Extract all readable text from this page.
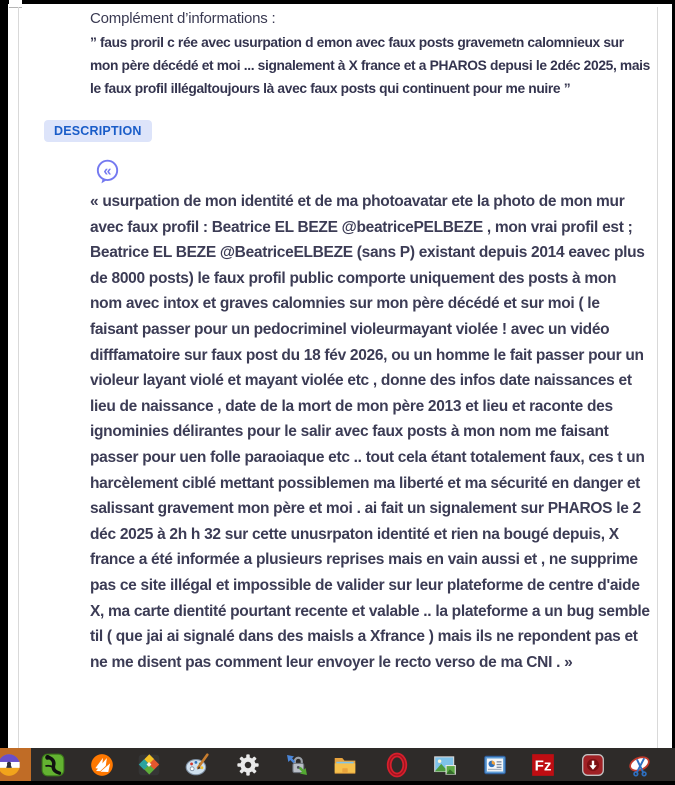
Complément d’informations :

” faus proril c rée avec usurpation d emon avec faux posts gravemetn calomnieux sur mon père décédé et moi ... signalement à X france et a PHAROS depusi le 2déc 2025, mais le faux profil illégaltoujours là avec faux posts qui continuent pour me nuire ”

DESCRIPTION
«

« usurpation de mon identité et de ma photoavatar ete la photo de mon mur avec faux profil : Beatrice EL BEZE @beatricePELBEZE , mon vrai profil est ; Beatrice EL BEZE @BeatriceELBEZE (sans P) existant depuis 2014 eavec plus de 8000 posts) le faux profil public comporte uniquement des posts à mon nom avec intox et graves calomnies sur mon père décédé et sur moi ( le faisant passer pour un pedocriminel violeurmayant violée ! avec un vidéo difffamatoire sur faux post du 18 fév 2026, ou un homme le fait passer pour un violeur layant violé et mayant violée etc , donne des infos date naissances et lieu de naissance , date de la mort de mon père 2013 et lieu et raconte des ignominies délirantes pour le salir avec faux posts à mon nom me faisant passer pour uen folle paraoiaque etc .. tout cela étant totalement faux, ces t un harcèlement ciblé mettant possiblemen ma liberté et ma sécurité en danger et salissant gravement mon père et moi . ai fait un signalement sur PHAROS le 2 déc 2025 à 2h h 32 sur cette unusrpaton identité et rien na bougé depuis, X france a été informée a plusieurs reprises mais en vain aussi et , ne supprime pas ce site illégal et impossible de valider sur leur plateforme de centre d'aide X, ma carte dientité pourtant recente et valable .. la plateforme a un bug semble til ( que jai ai signalé dans des maisls a Xfrance ) mais ils ne repondent pas et ne me disent pas comment leur envoyer le recto verso de ma CNI . »

Fz
